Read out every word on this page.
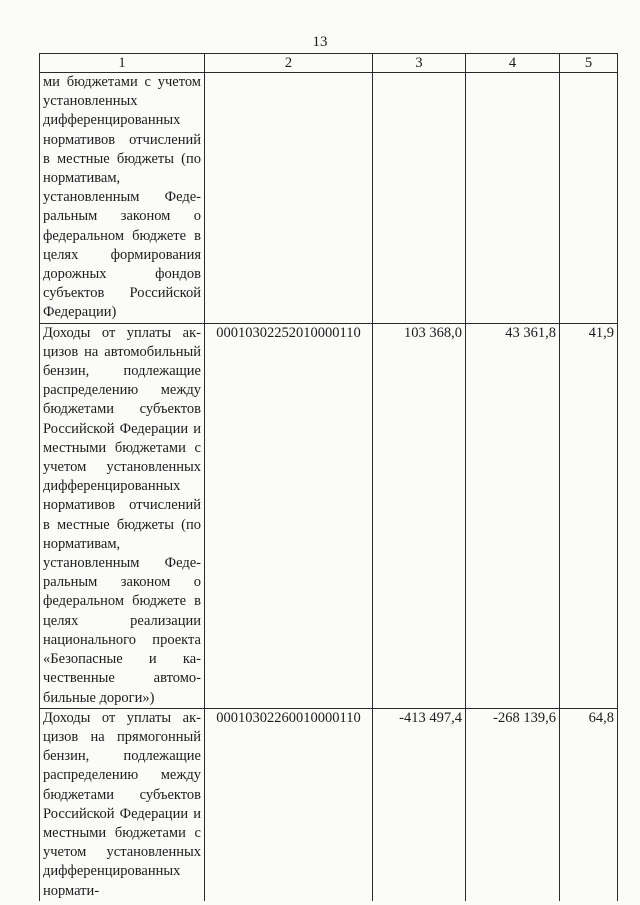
13
1	2	3	4	5
ми бюджетами с учетом установленных дифференцированных нормативов отчислений в местные бюджеты (по нормативам, установленным Федеральным законом о федеральном бюджете в целях формирования дорожных фондов субъектов Российской Федерации)				
Доходы от уплаты акцизов на автомобильный бензин, подлежащие распределению между бюджетами субъектов Российской Федерации и местными бюджетами с учетом установленных дифференцированных нормативов отчислений в местные бюджеты (по нормативам, установленным Федеральным законом о федеральном бюджете в целях реализации национального проекта «Безопасные и качественные автомобильные дороги»)	00010302252010000110	103 368,0	43 361,8	41,9
Доходы от уплаты акцизов на прямогонный бензин, подлежащие распределению между бюджетами субъектов Российской Федерации и местными бюджетами с учетом установленных дифференцированных нормати-	00010302260010000110	-413 497,4	-268 139,6	64,8
